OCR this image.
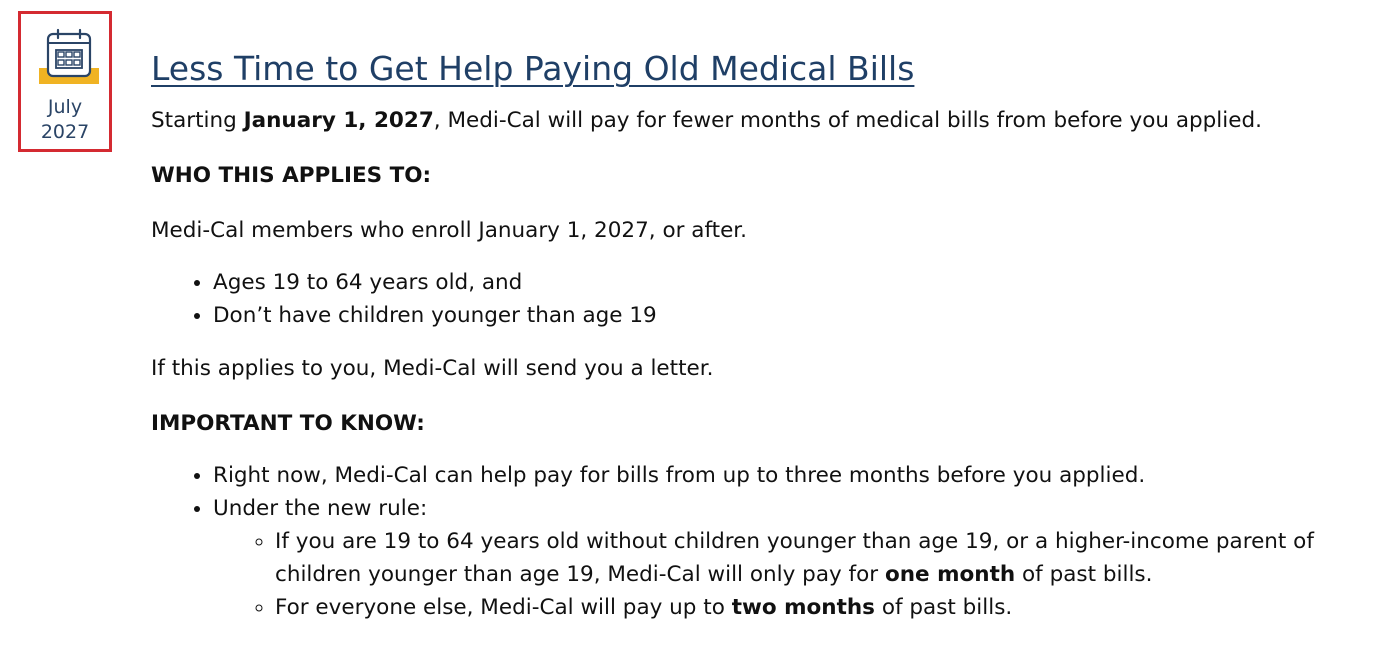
July
2027
Less Time to Get Help Paying Old Medical Bills

Starting January 1, 2027, Medi-Cal will pay for fewer months of medical bills from before you applied.

WHO THIS APPLIES TO:

Medi-Cal members who enroll January 1, 2027, or after.

• Ages 19 to 64 years old, and
• Don’t have children younger than age 19

If this applies to you, Medi-Cal will send you a letter.

IMPORTANT TO KNOW:

• Right now, Medi-Cal can help pay for bills from up to three months before you applied.
• Under the new rule:
◦ If you are 19 to 64 years old without children younger than age 19, or a higher-income parent of children younger than age 19, Medi-Cal will only pay for one month of past bills.
◦ For everyone else, Medi-Cal will pay up to two months of past bills.
